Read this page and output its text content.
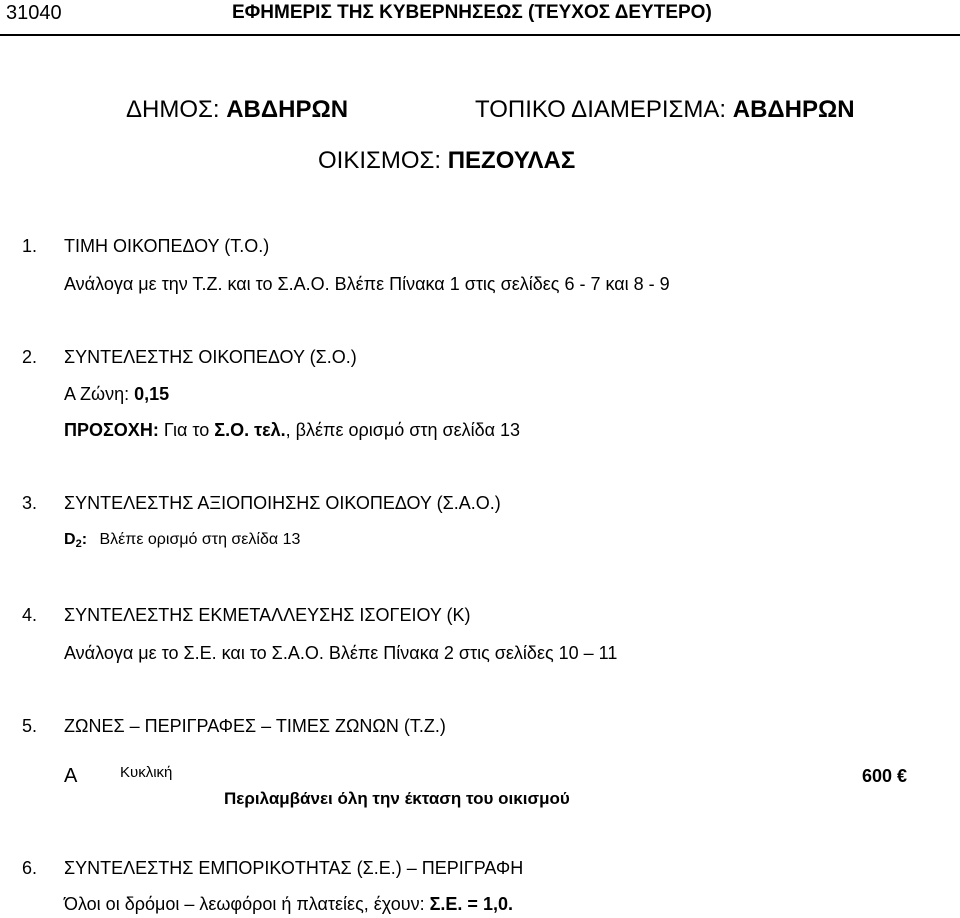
31040	ΕΦΗΜΕΡΙΣ ΤΗΣ ΚΥΒΕΡΝΗΣΕΩΣ (ΤΕΥΧΟΣ ΔΕΥΤΕΡΟ)
ΔΗΜΟΣ: ΑΒΔΗΡΩΝ	ΤΟΠΙΚΟ ΔΙΑΜΕΡΙΣΜΑ: ΑΒΔΗΡΩΝ
ΟΙΚΙΣΜΟΣ: ΠΕΖΟΥΛΑΣ
1. ΤΙΜΗ ΟΙΚΟΠΕΔΟΥ (Τ.Ο.)
Ανάλογα με την Τ.Ζ. και το Σ.Α.Ο. Βλέπε Πίνακα 1 στις σελίδες 6 - 7 και 8 - 9
2. ΣΥΝΤΕΛΕΣΤΗΣ ΟΙΚΟΠΕΔΟΥ (Σ.Ο.)
Α Ζώνη: 0,15
ΠΡΟΣΟΧΗ: Για το Σ.Ο. τελ., βλέπε ορισμό στη σελίδα 13
3. ΣΥΝΤΕΛΕΣΤΗΣ ΑΞΙΟΠΟΙΗΣΗΣ ΟΙΚΟΠΕΔΟΥ (Σ.Α.Ο.)
$D_2$: Βλέπε ορισμό στη σελίδα 13
4. ΣΥΝΤΕΛΕΣΤΗΣ ΕΚΜΕΤΑΛΛΕΥΣΗΣ ΙΣΟΓΕΙΟΥ (Κ)
Ανάλογα με το Σ.Ε. και το Σ.Α.Ο. Βλέπε Πίνακα 2 στις σελίδες 10 – 11
5. ΖΩΝΕΣ – ΠΕΡΙΓΡΑΦΕΣ – ΤΙΜΕΣ ΖΩΝΩΝ (Τ.Ζ.)
Α	Κυκλική	600 €
Περιλαμβάνει όλη την έκταση του οικισμού
6. ΣΥΝΤΕΛΕΣΤΗΣ ΕΜΠΟΡΙΚΟΤΗΤΑΣ (Σ.Ε.) – ΠΕΡΙΓΡΑΦΗ
Όλοι οι δρόμοι – λεωφόροι ή πλατείες, έχουν: Σ.Ε. = 1,0.
